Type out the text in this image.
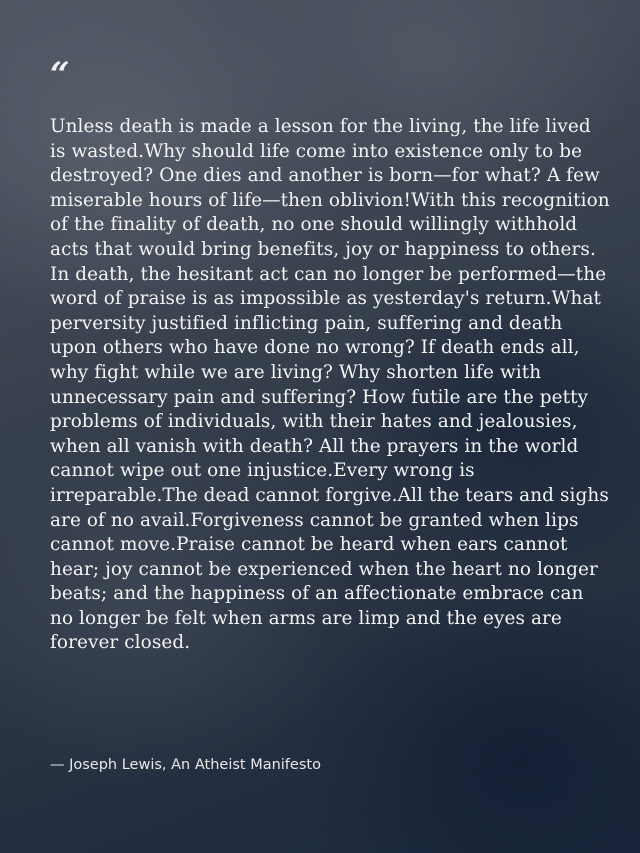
“
Unless death is made a lesson for the living, the life lived is wasted.Why should life come into existence only to be destroyed? One dies and another is born—for what? A few miserable hours of life—then oblivion!With this recognition of the finality of death, no one should willingly withhold acts that would bring benefits, joy or happiness to others. In death, the hesitant act can no longer be performed—the word of praise is as impossible as yesterday's return.What perversity justified inflicting pain, suffering and death upon others who have done no wrong? If death ends all, why fight while we are living? Why shorten life with unnecessary pain and suffering? How futile are the petty problems of individuals, with their hates and jealousies, when all vanish with death? All the prayers in the world cannot wipe out one injustice.Every wrong is irreparable.The dead cannot forgive.All the tears and sighs are of no avail.Forgiveness cannot be granted when lips cannot move.Praise cannot be heard when ears cannot hear; joy cannot be experienced when the heart no longer beats; and the happiness of an affectionate embrace can no longer be felt when arms are limp and the eyes are forever closed.
— Joseph Lewis, An Atheist Manifesto
